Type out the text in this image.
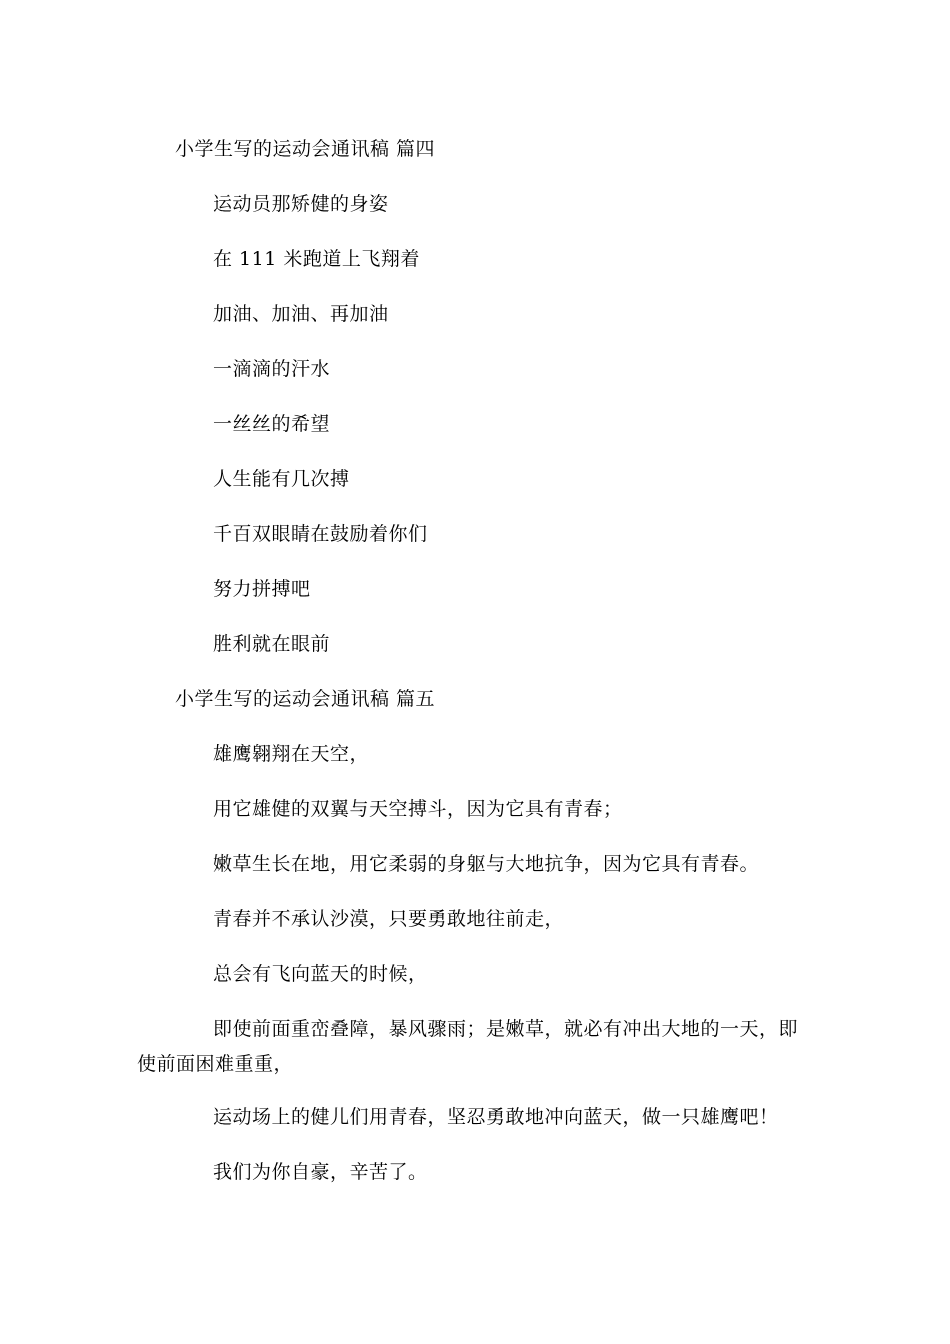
小学生写的运动会通讯稿 篇四
运动员那矫健的身姿
在 111 米跑道上飞翔着
加油、加油、再加油
一滴滴的汗水
一丝丝的希望
人生能有几次搏
千百双眼睛在鼓励着你们
努力拼搏吧
胜利就在眼前
小学生写的运动会通讯稿 篇五
雄鹰翱翔在天空，
用它雄健的双翼与天空搏斗，因为它具有青春；
嫩草生长在地，用它柔弱的身躯与大地抗争，因为它具有青春。
青春并不承认沙漠，只要勇敢地往前走，
总会有飞向蓝天的时候，
即使前面重峦叠障，暴风骤雨；是嫩草，就必有冲出大地的一天，即使前面困难重重，
运动场上的健儿们用青春，坚忍勇敢地冲向蓝天，做一只雄鹰吧！
我们为你自豪，辛苦了。
